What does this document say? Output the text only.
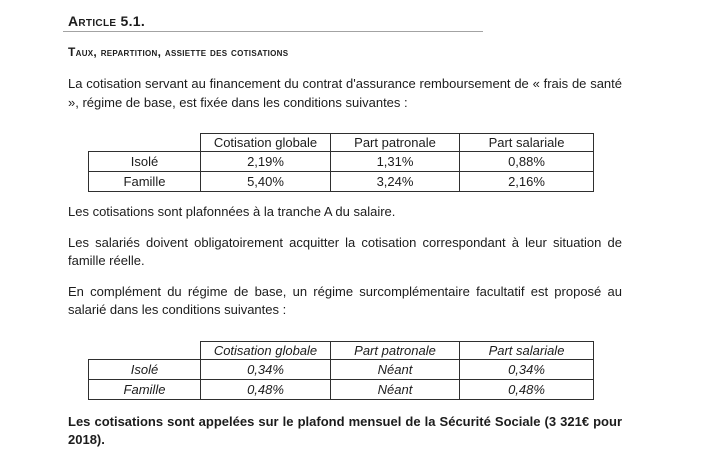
Article 5.1.
Taux, repartition, assiette des cotisations

La cotisation servant au financement du contrat d'assurance remboursement de « frais de santé », régime de base, est fixée dans les conditions suivantes :

	Cotisation globale	Part patronale	Part salariale
Isolé	2,19%	1,31%	0,88%
Famille	5,40%	3,24%	2,16%

Les cotisations sont plafonnées à la tranche A du salaire.

Les salariés doivent obligatoirement acquitter la cotisation correspondant à leur situation de famille réelle.

En complément du régime de base, un régime surcomplémentaire facultatif est proposé au salarié dans les conditions suivantes :

	Cotisation globale	Part patronale	Part salariale
Isolé	0,34%	Néant	0,34%
Famille	0,48%	Néant	0,48%

Les cotisations sont appelées sur le plafond mensuel de la Sécurité Sociale (3 321€ pour 2018).
